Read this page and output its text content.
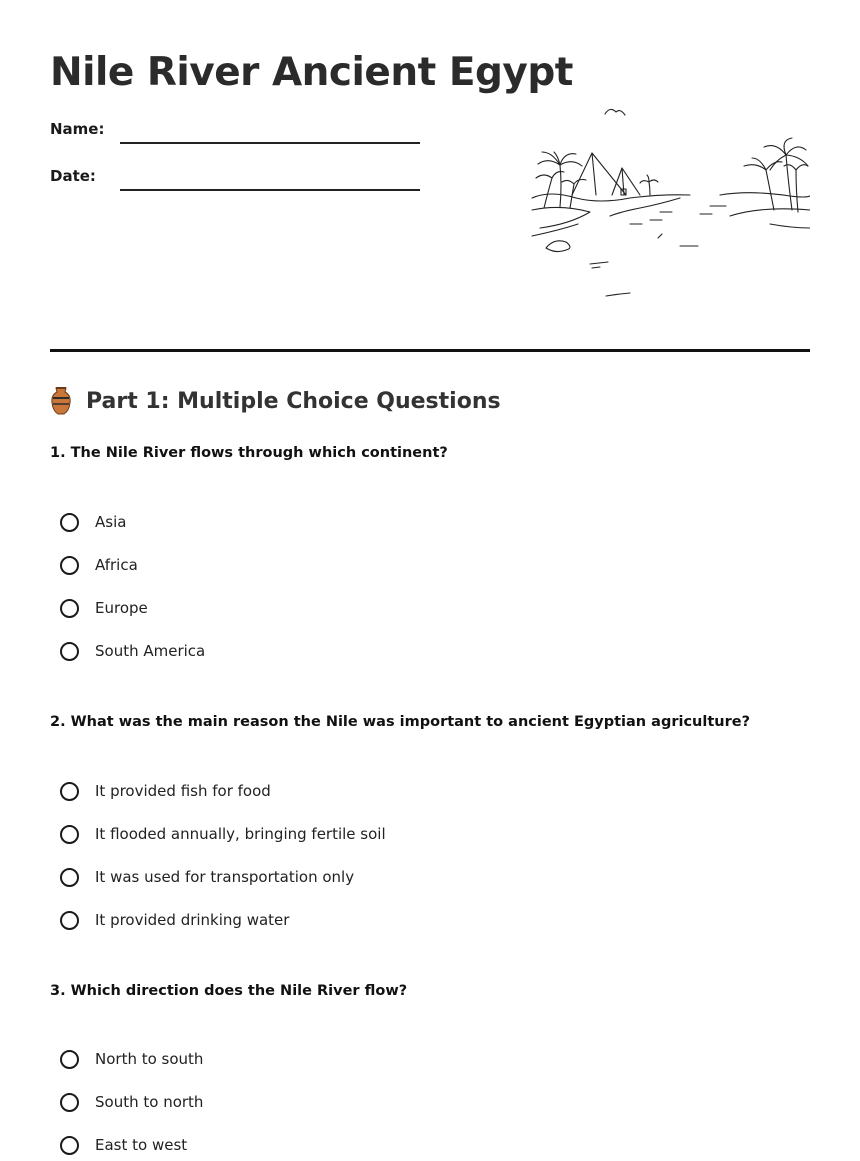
Nile River Ancient Egypt
Name:
Date:
Part 1: Multiple Choice Questions

1. The Nile River flows through which continent?

Asia
Africa
Europe
South America

2. What was the main reason the Nile was important to ancient Egyptian agriculture?

It provided fish for food
It flooded annually, bringing fertile soil
It was used for transportation only
It provided drinking water

3. Which direction does the Nile River flow?

North to south
South to north
East to west
